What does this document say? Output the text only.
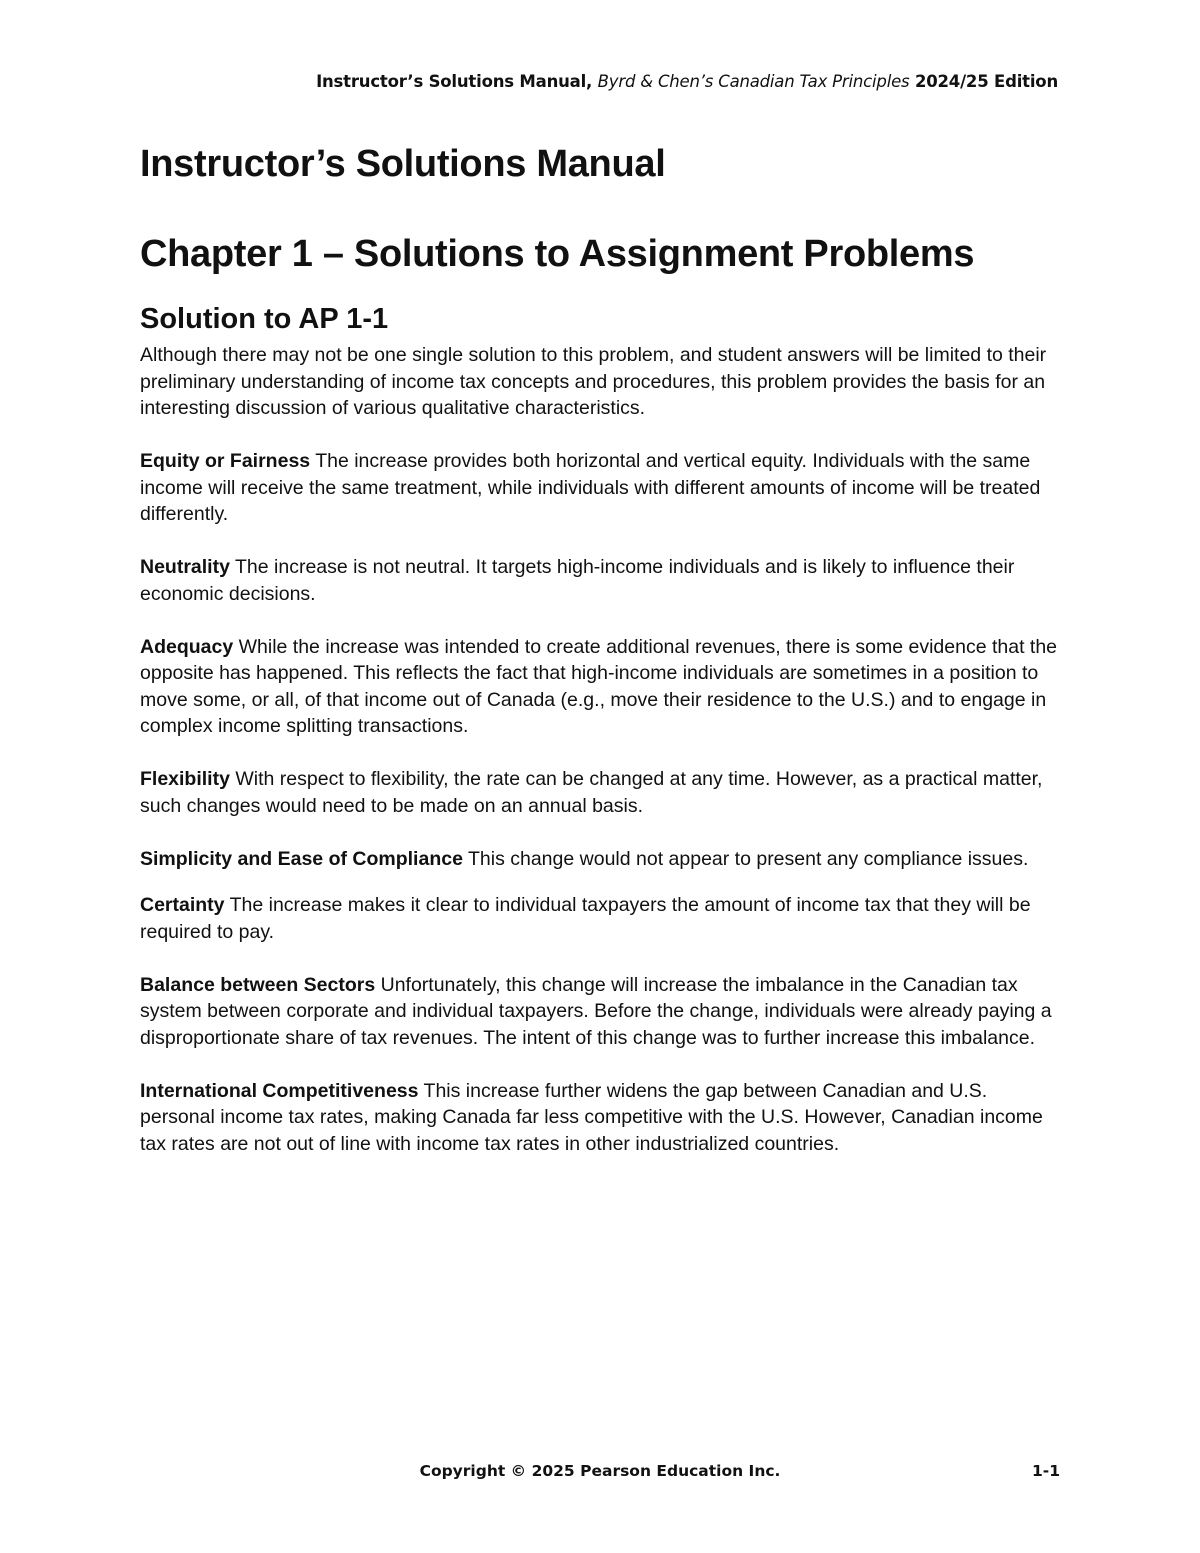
Instructor’s Solutions Manual, Byrd & Chen’s Canadian Tax Principles 2024/25 Edition
Instructor’s Solutions Manual
Chapter 1 – Solutions to Assignment Problems
Solution to AP 1-1

Although there may not be one single solution to this problem, and student answers will be limited to their preliminary understanding of income tax concepts and procedures, this problem provides the basis for an interesting discussion of various qualitative characteristics.

Equity or Fairness The increase provides both horizontal and vertical equity. Individuals with the same income will receive the same treatment, while individuals with different amounts of income will be treated differently.

Neutrality The increase is not neutral. It targets high-income individuals and is likely to influence their economic decisions.

Adequacy While the increase was intended to create additional revenues, there is some evidence that the opposite has happened. This reflects the fact that high-income individuals are sometimes in a position to move some, or all, of that income out of Canada (e.g., move their residence to the U.S.) and to engage in complex income splitting transactions.

Flexibility With respect to flexibility, the rate can be changed at any time. However, as a practical matter, such changes would need to be made on an annual basis.

Simplicity and Ease of Compliance This change would not appear to present any compliance issues.

Certainty The increase makes it clear to individual taxpayers the amount of income tax that they will be required to pay.

Balance between Sectors Unfortunately, this change will increase the imbalance in the Canadian tax system between corporate and individual taxpayers. Before the change, individuals were already paying a disproportionate share of tax revenues. The intent of this change was to further increase this imbalance.

International Competitiveness This increase further widens the gap between Canadian and U.S. personal income tax rates, making Canada far less competitive with the U.S. However, Canadian income tax rates are not out of line with income tax rates in other industrialized countries.

Copyright © 2025 Pearson Education Inc.	1-1
